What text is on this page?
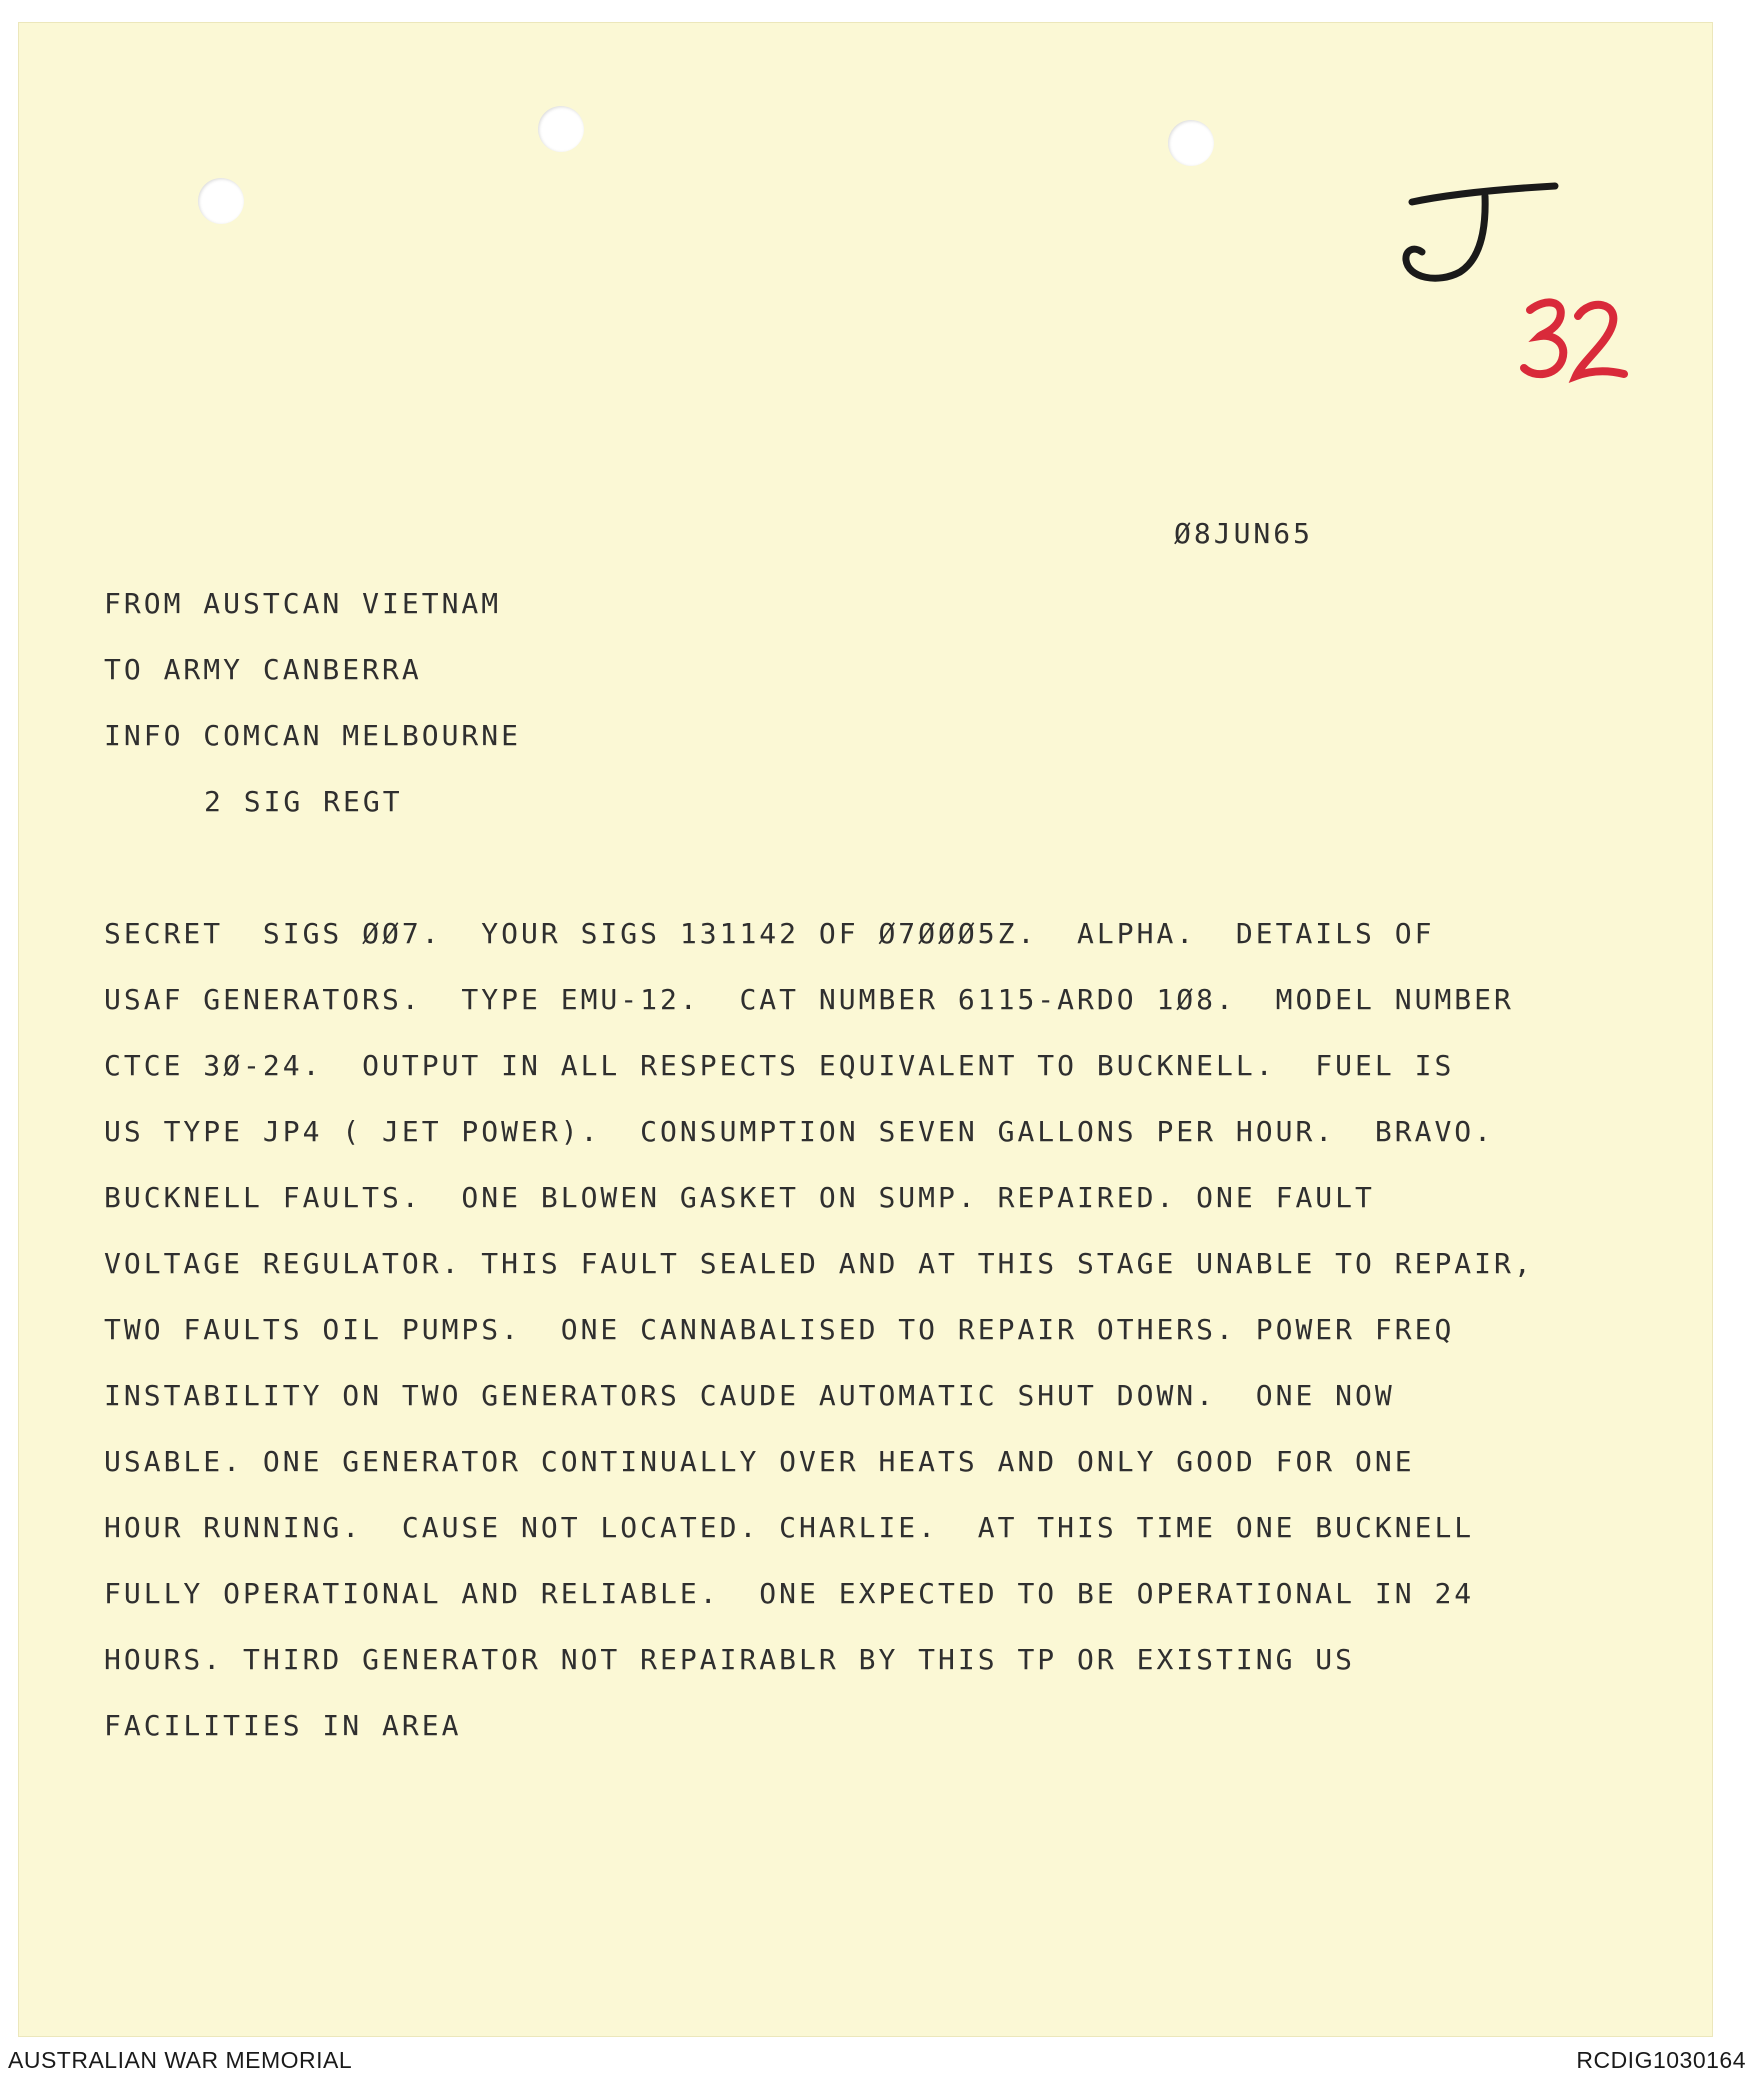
Ø8JUN65
FROM AUSTCAN VIETNAM
TO ARMY CANBERRA
INFO COMCAN MELBOURNE
2 SIG REGT
SECRET  SIGS ØØ7.  YOUR SIGS 131142 OF Ø7ØØØ5Z.  ALPHA.  DETAILS OF
USAF GENERATORS.  TYPE EMU-12.  CAT NUMBER 6115-ARDO 1Ø8.  MODEL NUMBER
CTCE 3Ø-24.  OUTPUT IN ALL RESPECTS EQUIVALENT TO BUCKNELL.  FUEL IS
US TYPE JP4 ( JET POWER).  CONSUMPTION SEVEN GALLONS PER HOUR.  BRAVO.
BUCKNELL FAULTS.  ONE BLOWEN GASKET ON SUMP. REPAIRED. ONE FAULT
VOLTAGE REGULATOR. THIS FAULT SEALED AND AT THIS STAGE UNABLE TO REPAIR,
TWO FAULTS OIL PUMPS.  ONE CANNABALISED TO REPAIR OTHERS. POWER FREQ
INSTABILITY ON TWO GENERATORS CAUDE AUTOMATIC SHUT DOWN.  ONE NOW
USABLE. ONE GENERATOR CONTINUALLY OVER HEATS AND ONLY GOOD FOR ONE
HOUR RUNNING.  CAUSE NOT LOCATED. CHARLIE.  AT THIS TIME ONE BUCKNELL
FULLY OPERATIONAL AND RELIABLE.  ONE EXPECTED TO BE OPERATIONAL IN 24
HOURS. THIRD GENERATOR NOT REPAIRABLR BY THIS TP OR EXISTING US
FACILITIES IN AREA
AUSTRALIAN WAR MEMORIAL	RCDIG1030164
